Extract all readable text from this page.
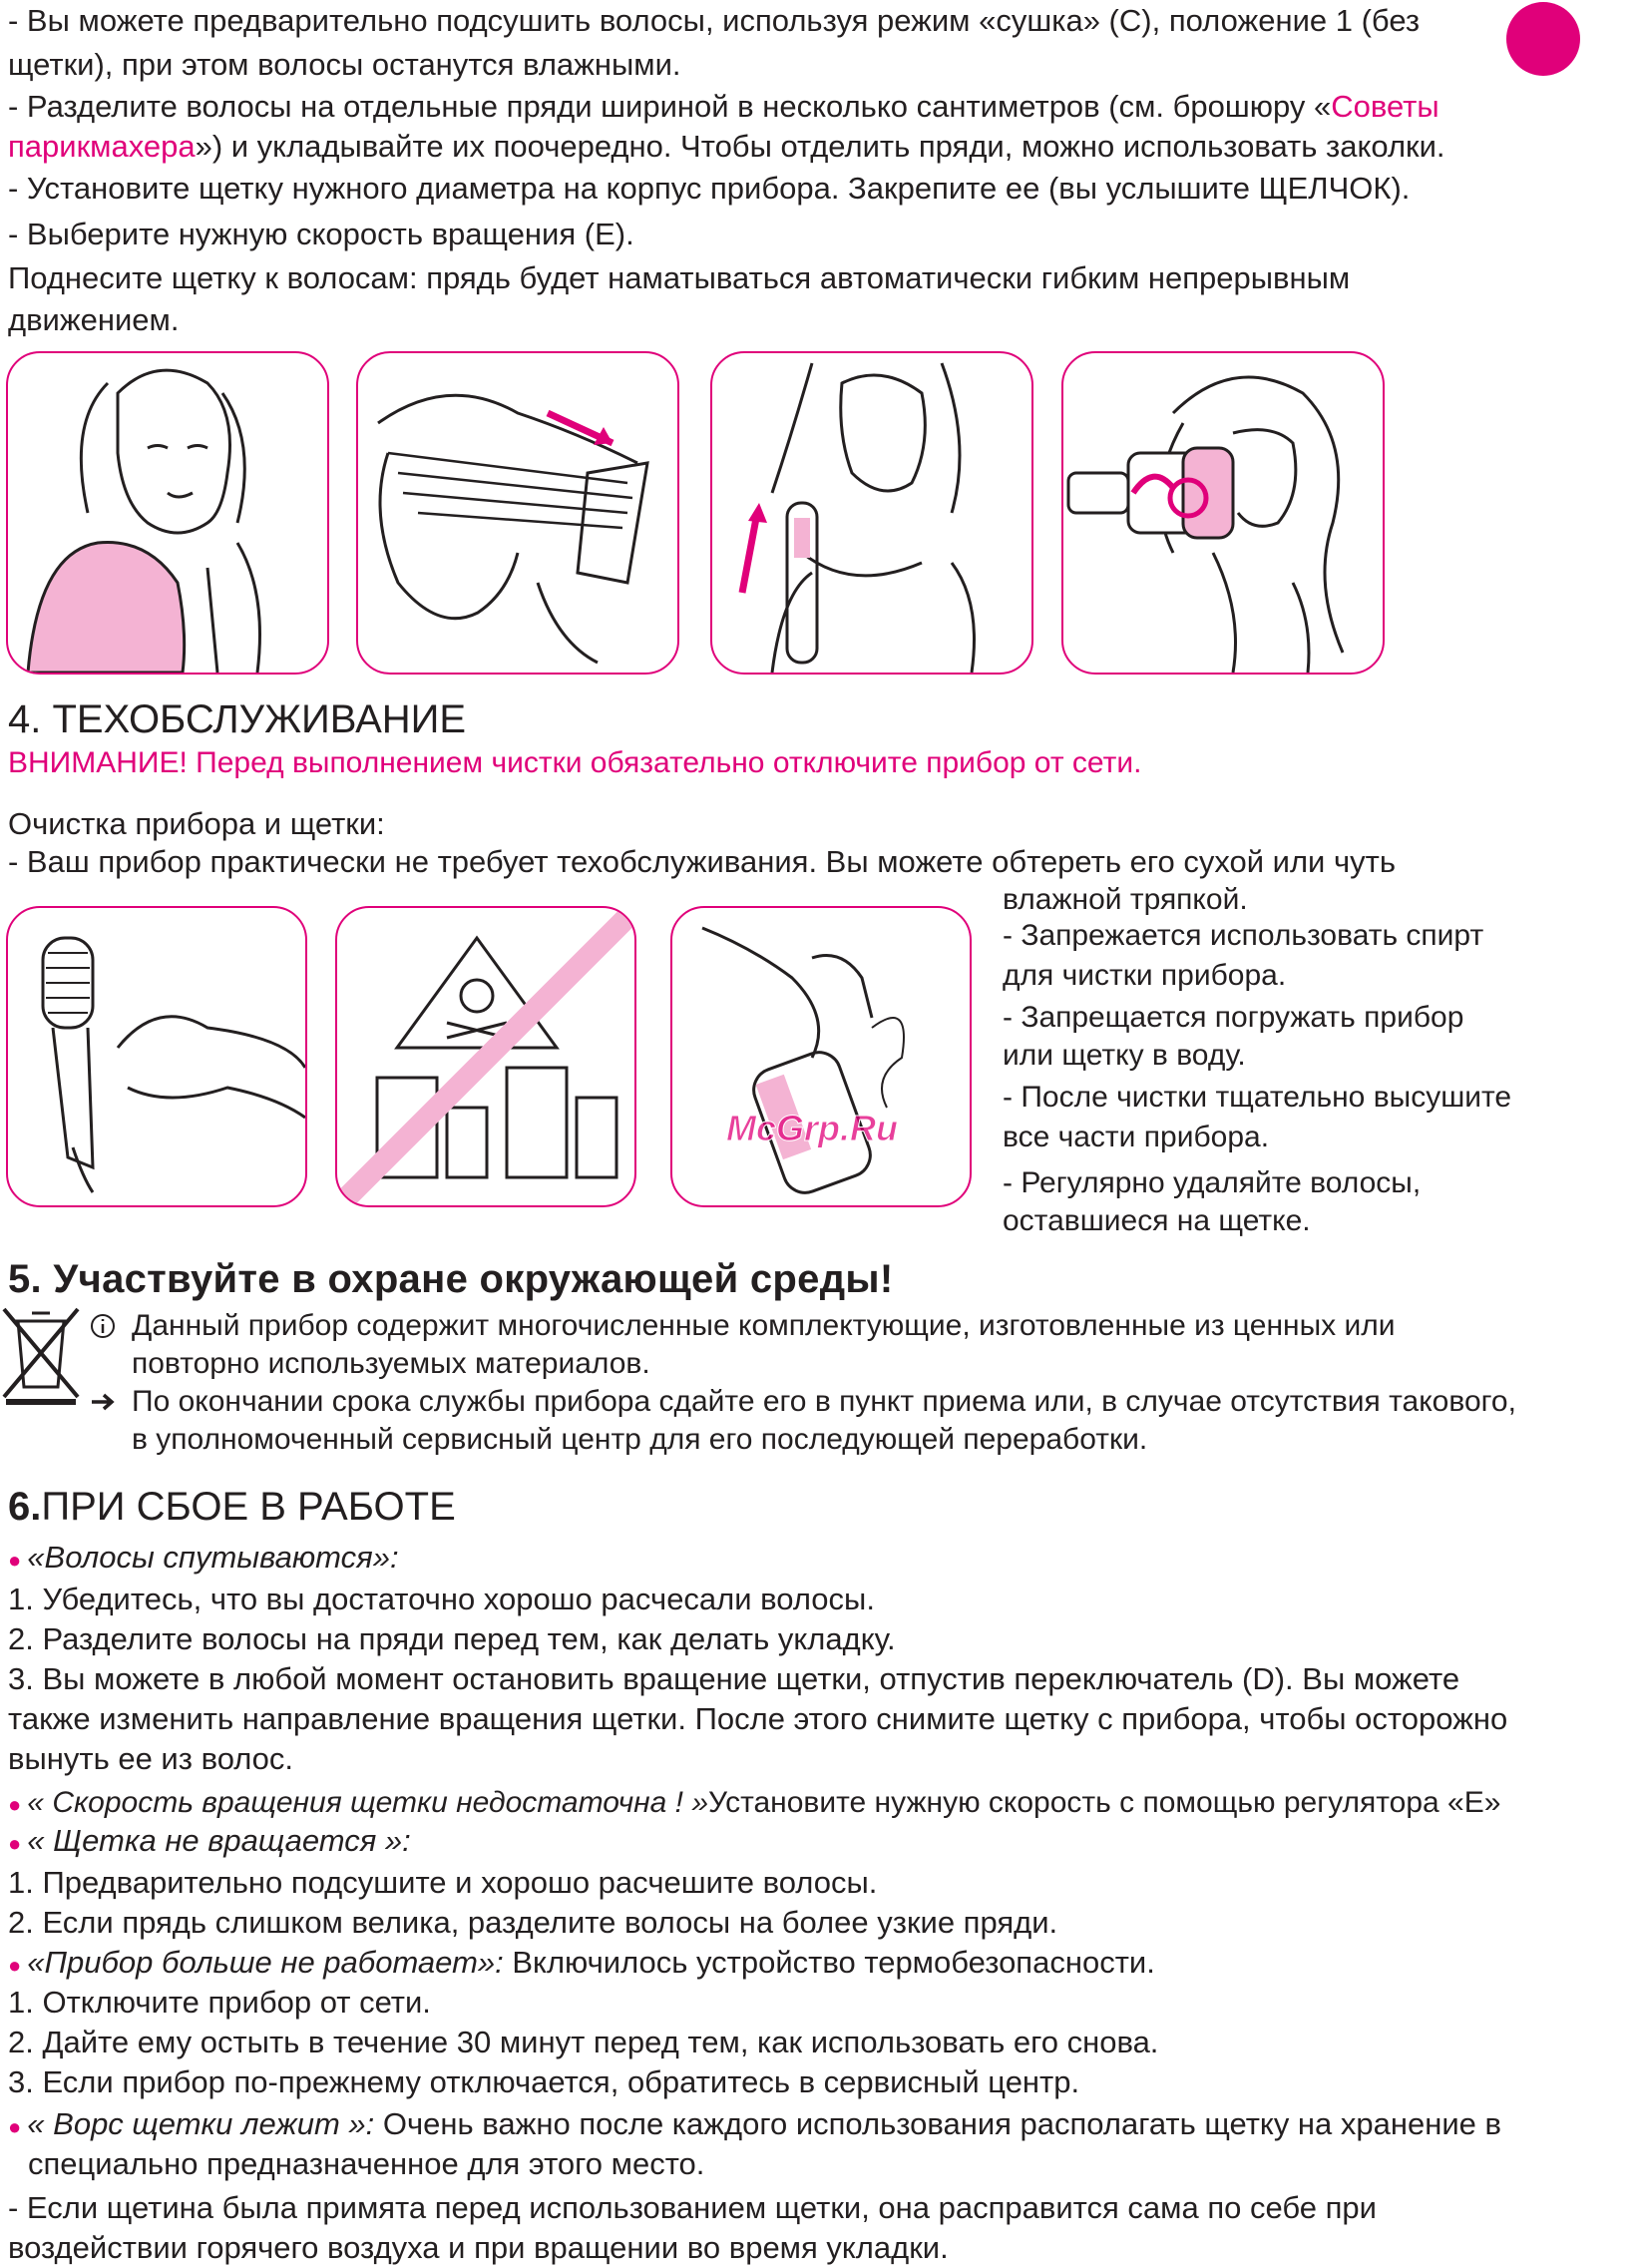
- Вы можете предварительно подсушить волосы, используя режим «сушка» (С), положение 1 (без
щетки), при этом волосы останутся влажными.
- Разделите волосы на отдельные пряди шириной в несколько сантиметров (см. брошюру «Советы
парикмахера») и укладывайте их поочередно. Чтобы отделить пряди, можно использовать заколки.
- Установите щетку нужного диаметра на корпус прибора. Закрепите ее (вы услышите ЩЕЛЧОК).
- Выберите нужную скорость вращения (Е).
Поднесите щетку к волосам: прядь будет наматываться автоматически гибким непрерывным
движением.
4. ТЕХОБСЛУЖИВАНИЕ
ВНИМАНИЕ! Перед выполнением чистки обязательно отключите прибор от сети.
Очистка прибора и щетки:
- Ваш прибор практически не требует техобслуживания. Вы можете обтереть его сухой или чуть
McGrp.Ru
влажной тряпкой.
- Запрежается использовать спирт
для чистки прибора.
- Запрещается погружать прибор
или щетку в воду.
- После чистки тщательно высушите
все части прибора.
- Регулярно удаляйте волосы,
оставшиеся на щетке.
5. Участвуйте в охране окружающей среды!
Данный прибор содержит многочисленные комплектующие, изготовленные из ценных или
повторно используемых материалов.
По окончании срока службы прибора сдайте его в пункт приема или, в случае отсутствия такового,
в уполномоченный сервисный центр для его последующей переработки.
6.ПРИ СБОЕ В РАБОТЕ
● «Волосы спутываются»:
1. Убедитесь, что вы достаточно хорошо расчесали волосы.
2. Разделите волосы на пряди перед тем, как делать укладку.
3. Вы можете в любой момент остановить вращение щетки, отпустив переключатель (D). Вы можете
также изменить направление вращения щетки. После этого снимите щетку с прибора, чтобы осторожно
вынуть ее из волос.
● « Скорость вращения щетки недостаточна ! »Установите нужную скорость с помощью регулятора «Е»
● « Щетка не вращается »:
1. Предварительно подсушите и хорошо расчешите волосы.
2. Если прядь слишком велика, разделите волосы на более узкие пряди.
● «Прибор больше не работает»: Включилось устройство термобезопасности.
1. Отключите прибор от сети.
2. Дайте ему остыть в течение 30 минут перед тем, как использовать его снова.
3. Если прибор по-прежнему отключается, обратитесь в сервисный центр.
● « Ворс щетки лежит »: Очень важно после каждого использования располагать щетку на хранение в
специально предназначенное для этого место.
- Если щетина была примята перед использованием щетки, она расправится сама по себе при
воздействии горячего воздуха и при вращении во время укладки.
